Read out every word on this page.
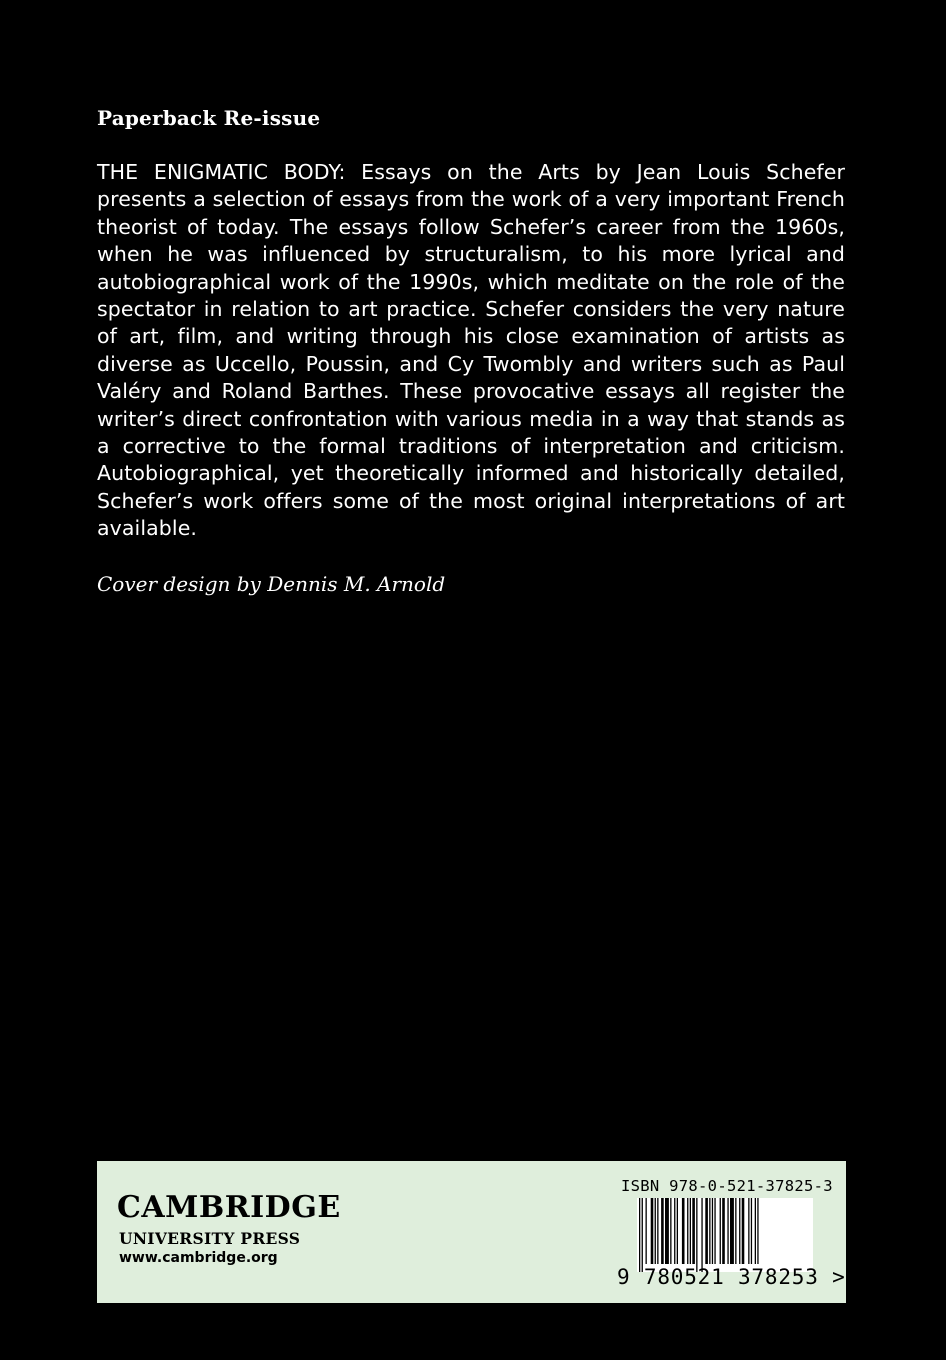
Paperback Re-issue

THE ENIGMATIC BODY: Essays on the Arts by Jean Louis Schefer presents a selection of essays from the work of a very important French theorist of today. The essays follow Schefer’s career from the 1960s, when he was influenced by structuralism, to his more lyrical and autobiographical work of the 1990s, which meditate on the role of the spectator in relation to art practice. Schefer considers the very nature of art, film, and writing through his close examination of artists as diverse as Uccello, Poussin, and Cy Twombly and writers such as Paul Valéry and Roland Barthes. These provocative essays all register the writer’s direct confrontation with various media in a way that stands as a corrective to the formal traditions of interpretation and criticism. Autobiographical, yet theoretically informed and historically detailed, Schefer’s work offers some of the most original interpretations of art available.

Cover design by Dennis M. Arnold
CAMBRIDGE
UNIVERSITY PRESS
www.cambridge.org
ISBN 978-0-521-37825-3
9 780521 378253 >
